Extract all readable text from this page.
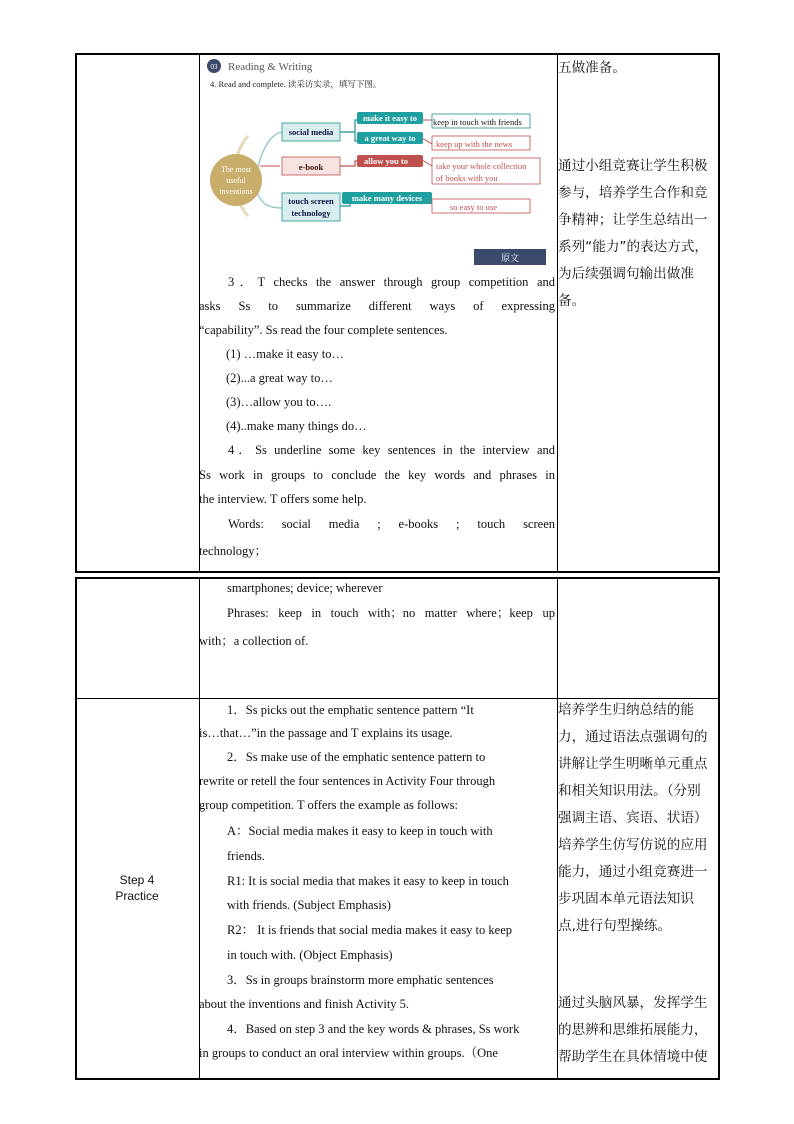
03 Reading & Writing
4. Read and complete. 读采访实录，填写下图。
The most
useful
inventions
social media
e-book
touch screen
technology
make it easy to
a great way to
allow you to
make many devices
keep in touch with friends
keep up with the news
take your whole collection
of books with you
so easy to use
原文
3．T checks the answer through group competition and
asks Ss to summarize different ways of expressing
“capability”. Ss read the four complete sentences.
(1) …make it easy to…
(2)...a great way to…
(3)…allow you to….
(4)..make many things do…
4．Ss underline some key sentences in the interview and
Ss work in groups to conclude the key words and phrases in
the interview. T offers some help.
Words: social media ; e-books ; touch screen
technology；
五做准备。
通过小组竞赛让学生积极
参与，培养学生合作和竞
争精神；让学生总结出一
系列“能力”的表达方式，
为后续强调句输出做准
备。
smartphones; device; wherever
Phrases: keep in touch with；no matter where；keep up
with；a collection of.
Step 4
Practice
1．Ss picks out the emphatic sentence pattern “It
is…that…”in the passage and T explains its usage.
2．Ss make use of the emphatic sentence pattern to
rewrite or retell the four sentences in Activity Four through
group competition. T offers the example as follows:
A：Social media makes it easy to keep in touch with
friends.
R1: It is social media that makes it easy to keep in touch
with friends. (Subject Emphasis)
R2： It is friends that social media makes it easy to keep
in touch with. (Object Emphasis)
3．Ss in groups brainstorm more emphatic sentences
about the inventions and finish Activity 5.
4．Based on step 3 and the key words & phrases, Ss work
in groups to conduct an oral interview within groups.（One
培养学生归纳总结的能
力，通过语法点强调句的
讲解让学生明晰单元重点
和相关知识用法。（分别
强调主语、宾语、状语）
培养学生仿写仿说的应用
能力，通过小组竞赛进一
步巩固本单元语法知识
点,进行句型操练。
通过头脑风暴，发挥学生
的思辨和思维拓展能力，
帮助学生在具体情境中使
